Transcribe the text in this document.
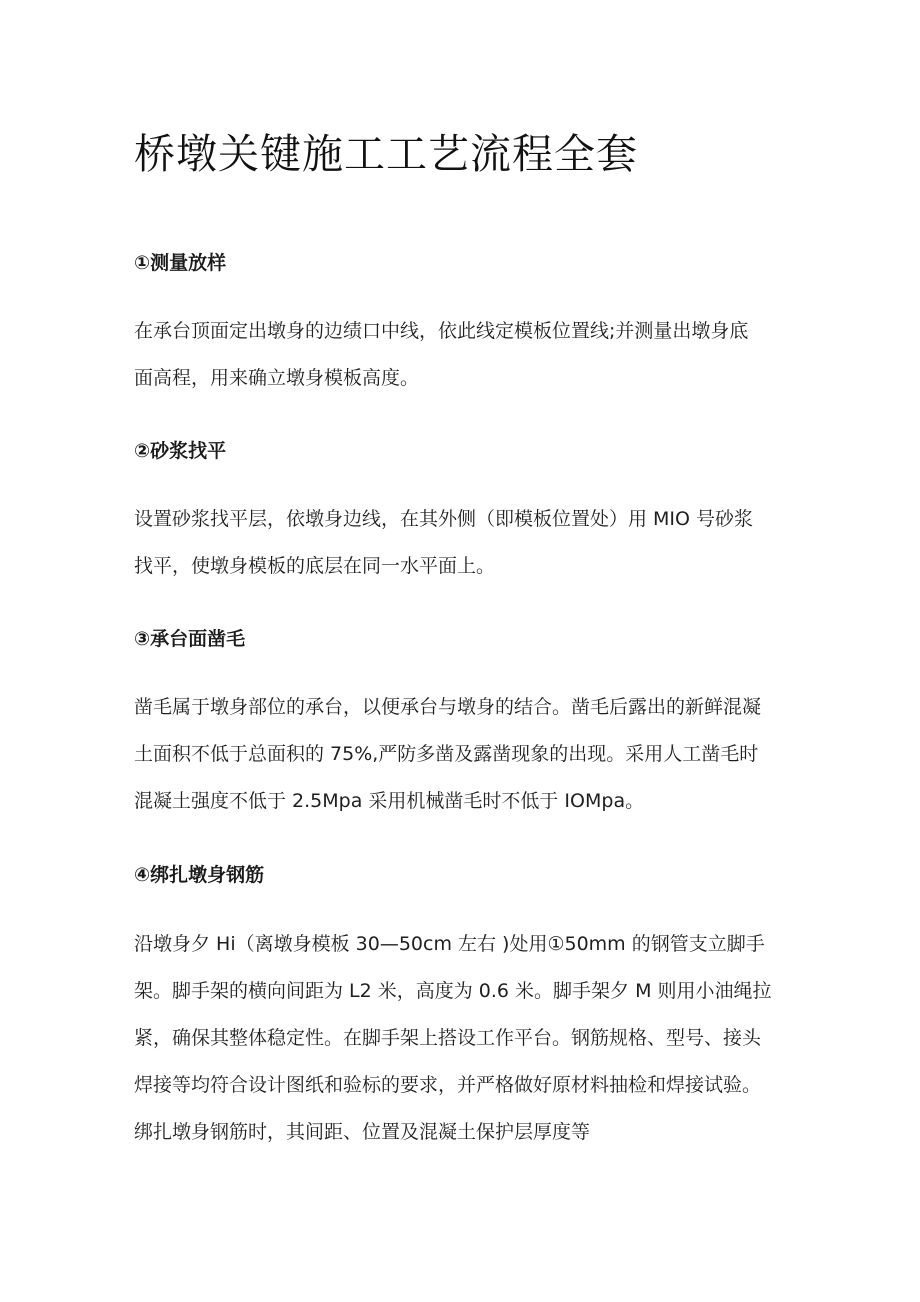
桥墩关键施工工艺流程全套
①测量放样
在承台顶面定出墩身的边绩口中线，依此线定模板位置线;并测量出墩身底
面高程，用来确立墩身模板高度。
②砂浆找平
设置砂浆找平层，依墩身边线，在其外侧（即模板位置处）用 MIO 号砂浆
找平，使墩身模板的底层在同一水平面上。
③承台面凿毛
凿毛属于墩身部位的承台，以便承台与墩身的结合。凿毛后露出的新鲜混凝
土面积不低于总面积的 75%,严防多凿及露凿现象的出现。采用人工凿毛时
混凝土强度不低于 2.5Mpa 采用机械凿毛时不低于 IOMpa。
④绑扎墩身钢筋
沿墩身夕 Hi（离墩身模板 30—50cm 左右 )处用①50mm 的钢管支立脚手
架。脚手架的横向间距为 L2 米，高度为 0.6 米。脚手架夕 M 则用小油绳拉
紧，确保其整体稳定性。在脚手架上搭设工作平台。钢筋规格、型号、接头
焊接等均符合设计图纸和验标的要求，并严格做好原材料抽检和焊接试验。
绑扎墩身钢筋时，其间距、位置及混凝土保护层厚度等
